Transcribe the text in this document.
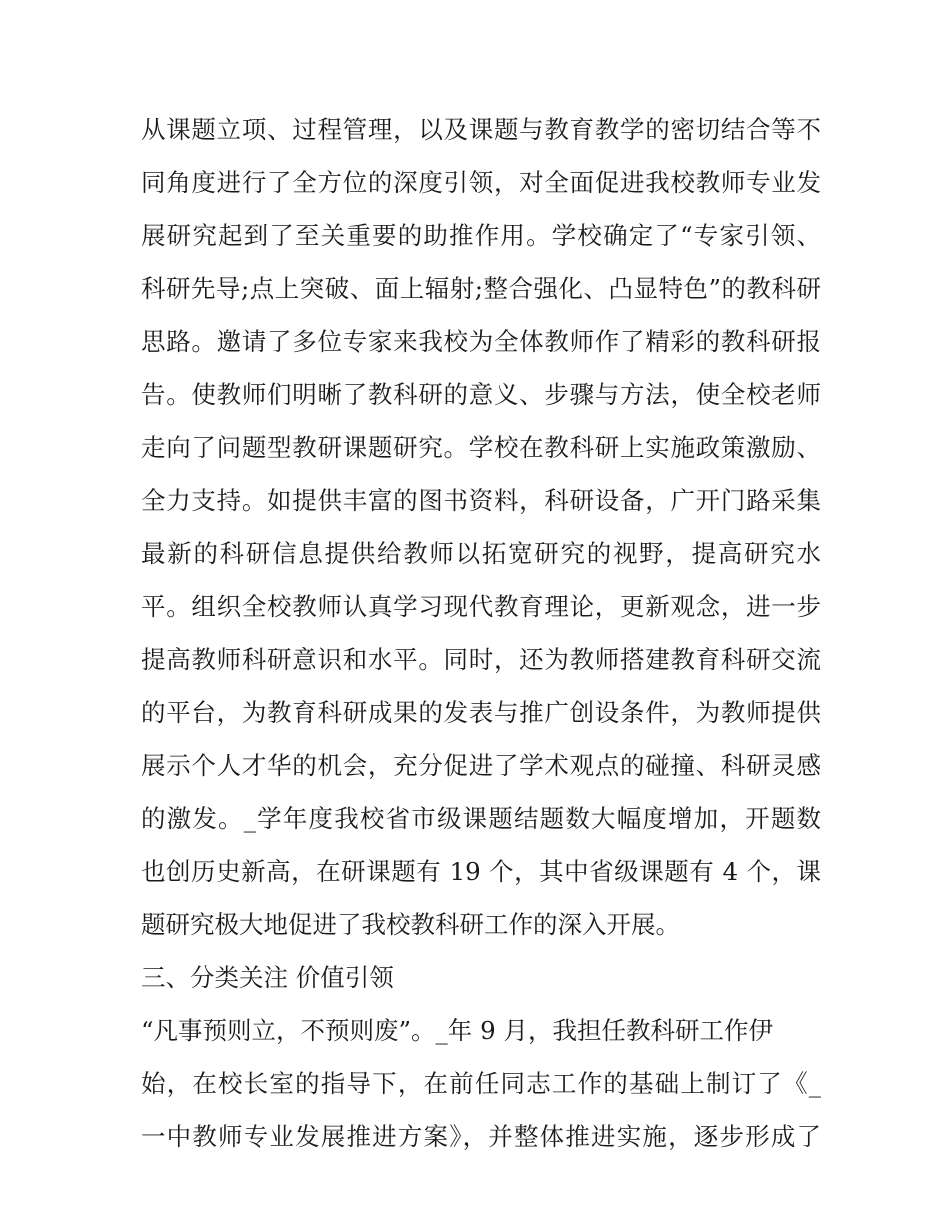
从课题立项、过程管理，以及课题与教育教学的密切结合等不
同角度进行了全方位的深度引领，对全面促进我校教师专业发
展研究起到了至关重要的助推作用。学校确定了“专家引领、
科研先导;点上突破、面上辐射;整合强化、凸显特色”的教科研
思路。邀请了多位专家来我校为全体教师作了精彩的教科研报
告。使教师们明晰了教科研的意义、步骤与方法，使全校老师
走向了问题型教研课题研究。学校在教科研上实施政策激励、
全力支持。如提供丰富的图书资料，科研设备，广开门路采集
最新的科研信息提供给教师以拓宽研究的视野，提高研究水
平。组织全校教师认真学习现代教育理论，更新观念，进一步
提高教师科研意识和水平。同时，还为教师搭建教育科研交流
的平台，为教育科研成果的发表与推广创设条件，为教师提供
展示个人才华的机会，充分促进了学术观点的碰撞、科研灵感
的激发。_学年度我校省市级课题结题数大幅度增加，开题数
也创历史新高，在研课题有 19 个，其中省级课题有 4 个，课
题研究极大地促进了我校教科研工作的深入开展。
三、分类关注 价值引领
“凡事预则立，不预则废”。_年 9 月，我担任教科研工作伊
始，在校长室的指导下，在前任同志工作的基础上制订了《_
一中教师专业发展推进方案》，并整体推进实施，逐步形成了
